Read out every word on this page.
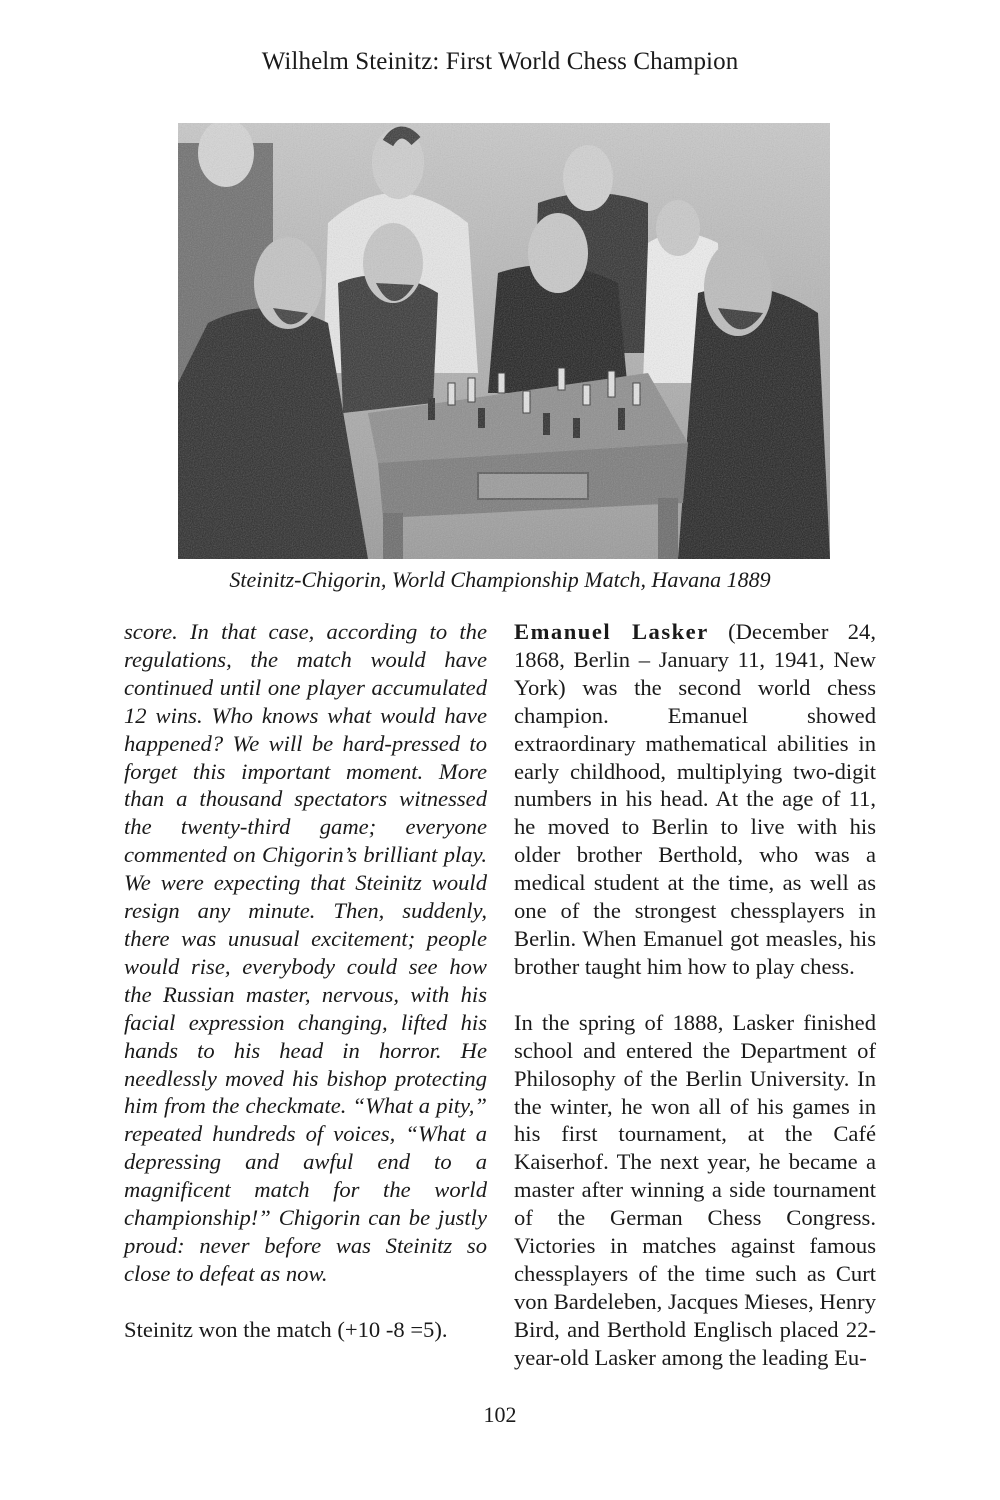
Wilhelm Steinitz: First World Chess Champion
Steinitz-Chigorin, World Championship Match, Havana 1889

score. In that case, according to the regulations, the match would have continued until one player accumulated 12 wins. Who knows what would have happened? We will be hard-pressed to forget this important moment. More than a thousand spectators witnessed the twenty-third game; everyone commented on Chigorin’s brilliant play. We were expecting that Steinitz would resign any minute. Then, suddenly, there was unusual excitement; people would rise, everybody could see how the Russian master, nervous, with his facial expression changing, lifted his hands to his head in horror. He needlessly moved his bishop protecting him from the checkmate. “What a pity,” repeated hundreds of voices, “What a depressing and awful end to a magnificent match for the world championship!” Chigorin can be justly proud: never before was Steinitz so close to defeat as now.

Steinitz won the match (+10 -8 =5).

Emanuel Lasker (December 24, 1868, Berlin – January 11, 1941, New York) was the second world chess champion. Emanuel showed extraordinary mathematical abilities in early childhood, multiplying two-digit numbers in his head. At the age of 11, he moved to Berlin to live with his older brother Berthold, who was a medical student at the time, as well as one of the strongest chessplayers in Berlin. When Emanuel got measles, his brother taught him how to play chess.

In the spring of 1888, Lasker finished school and entered the Department of Philosophy of the Berlin University. In the winter, he won all of his games in his first tournament, at the Café Kaiserhof. The next year, he became a master after winning a side tournament of the German Chess Congress. Victories in matches against famous chessplayers of the time such as Curt von Bardeleben, Jacques Mieses, Henry Bird, and Berthold Englisch placed 22-year-old Lasker among the leading Eu-

102
